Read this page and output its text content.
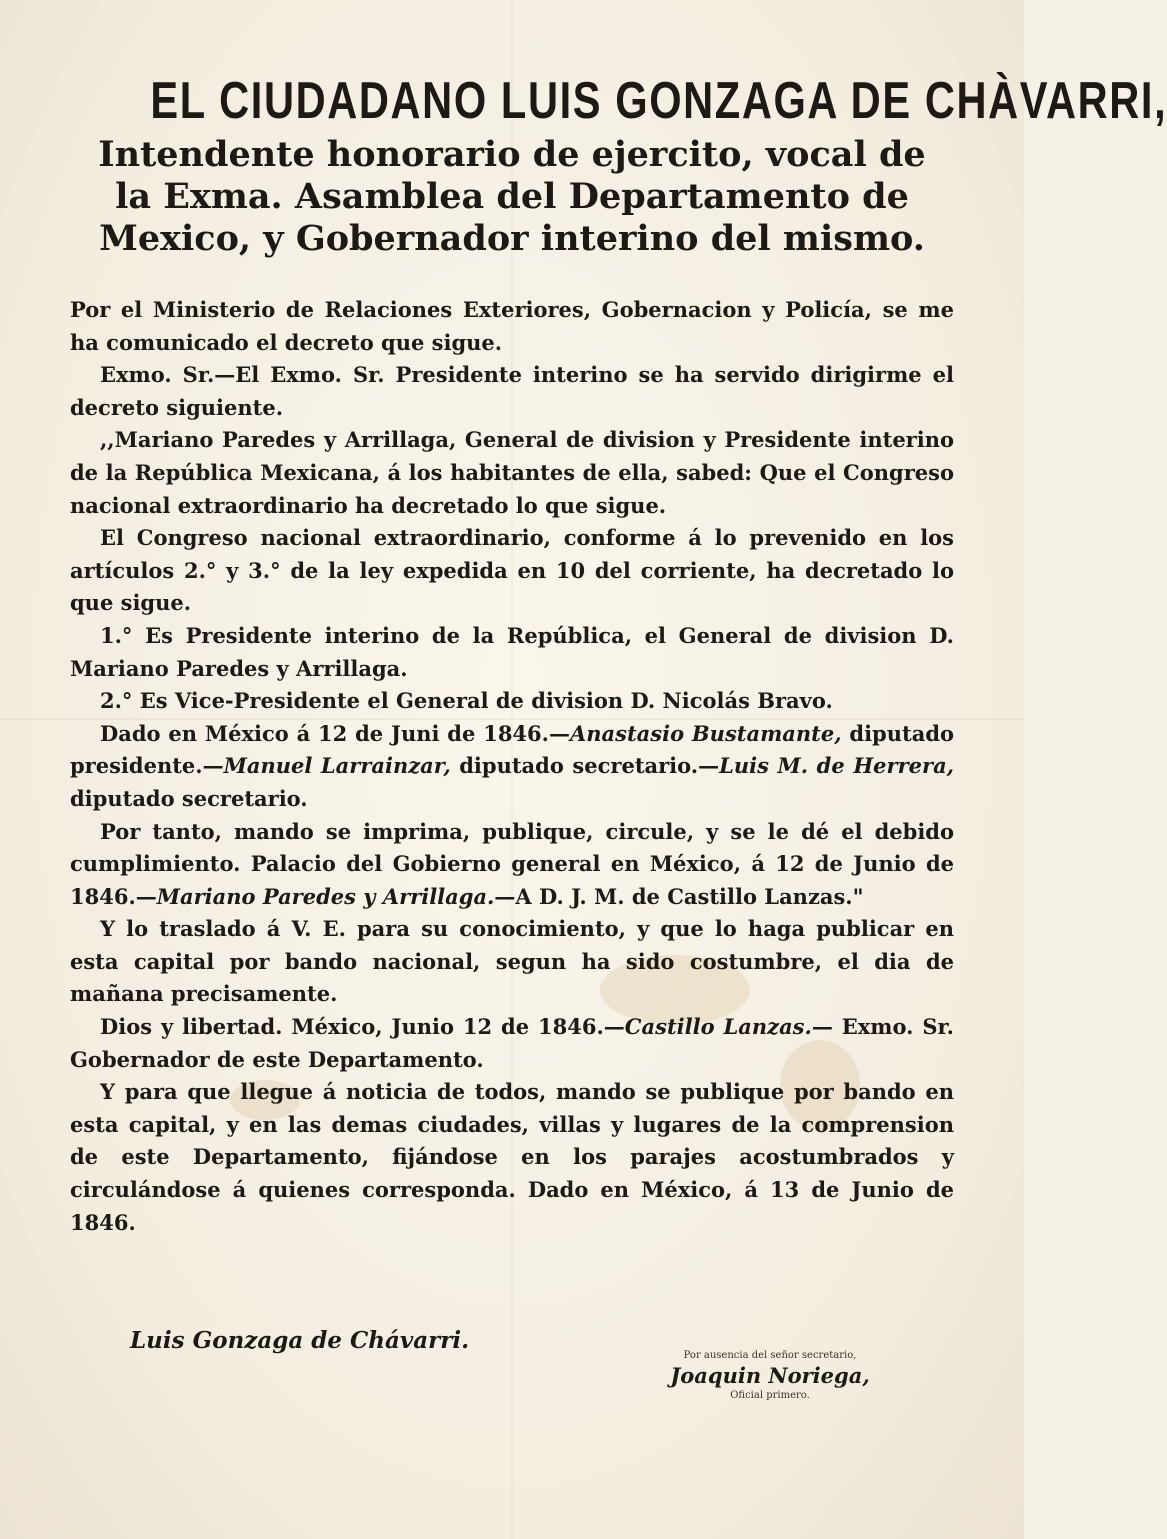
EL CIUDADANO LUIS GONZAGA DE CHÀVARRI,
Intendente honorario de ejercito, vocal de
la Exma. Asamblea del Departamento de
Mexico, y Gobernador interino del mismo.

Por el Ministerio de Relaciones Exteriores, Gobernacion y Policía, se me ha comunicado el decreto que sigue.

Exmo. Sr.—El Exmo. Sr. Presidente interino se ha servido dirigirme el decreto siguiente.

,,Mariano Paredes y Arrillaga, General de division y Presidente interino de la República Mexicana, á los habitantes de ella, sabed: Que el Congreso nacional extraordinario ha decretado lo que sigue.

El Congreso nacional extraordinario, conforme á lo prevenido en los artículos 2.° y 3.° de la ley expedida en 10 del corriente, ha decretado lo que sigue.

1.° Es Presidente interino de la República, el General de division D. Mariano Paredes y Arrillaga.

2.° Es Vice-Presidente el General de division D. Nicolás Bravo.

Dado en México á 12 de Juni de 1846.—Anastasio Bustamante, diputado presidente.—Manuel Larrainzar, diputado secretario.—Luis M. de Herrera, diputado secretario.

Por tanto, mando se imprima, publique, circule, y se le dé el debido cumplimiento. Palacio del Gobierno general en México, á 12 de Junio de 1846.—Mariano Paredes y Arrillaga.—A D. J. M. de Castillo Lanzas."

Y lo traslado á V. E. para su conocimiento, y que lo haga publicar en esta capital por bando nacional, segun ha sido costumbre, el dia de mañana precisamente.

Dios y libertad. México, Junio 12 de 1846.—Castillo Lanzas.— Exmo. Sr. Gobernador de este Departamento.

Y para que llegue á noticia de todos, mando se publique por bando en esta capital, y en las demas ciudades, villas y lugares de la comprension de este Departamento, fijándose en los parajes acostumbrados y circulándose á quienes corresponda. Dado en México, á 13 de Junio de 1846.

Luis Gonzaga de Chávarri.
Por ausencia del señor secretario,
Joaquin Noriega,
Oficial primero.
